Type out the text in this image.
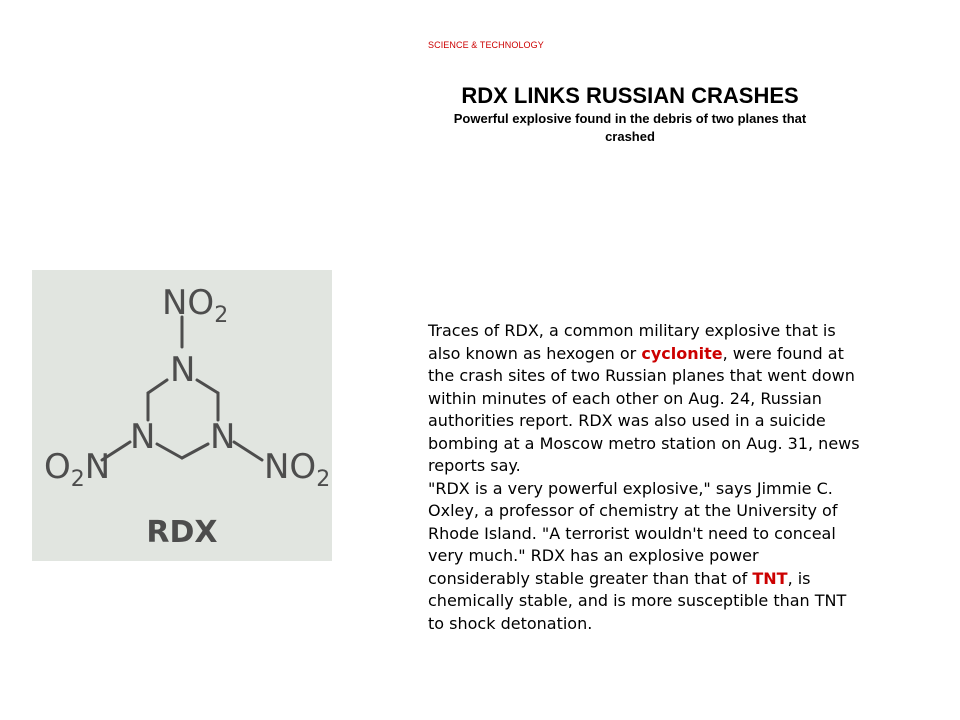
SCIENCE & TECHNOLOGY

RDX LINKS RUSSIAN CRASHES

Powerful explosive found in the debris of two planes that crashed

$NO_2$
N
N N
$O_2N$	$NO_2$
RDX

Traces of RDX, a common military explosive that is also known as hexogen or cyclonite, were found at the crash sites of two Russian planes that went down within minutes of each other on Aug. 24, Russian authorities report. RDX was also used in a suicide bombing at a Moscow metro station on Aug. 31, news reports say.

"RDX is a very powerful explosive," says Jimmie C. Oxley, a professor of chemistry at the University of Rhode Island. "A terrorist wouldn't need to conceal very much." RDX has an explosive power considerably stable greater than that of TNT, is chemically stable, and is more susceptible than TNT to shock detonation.
